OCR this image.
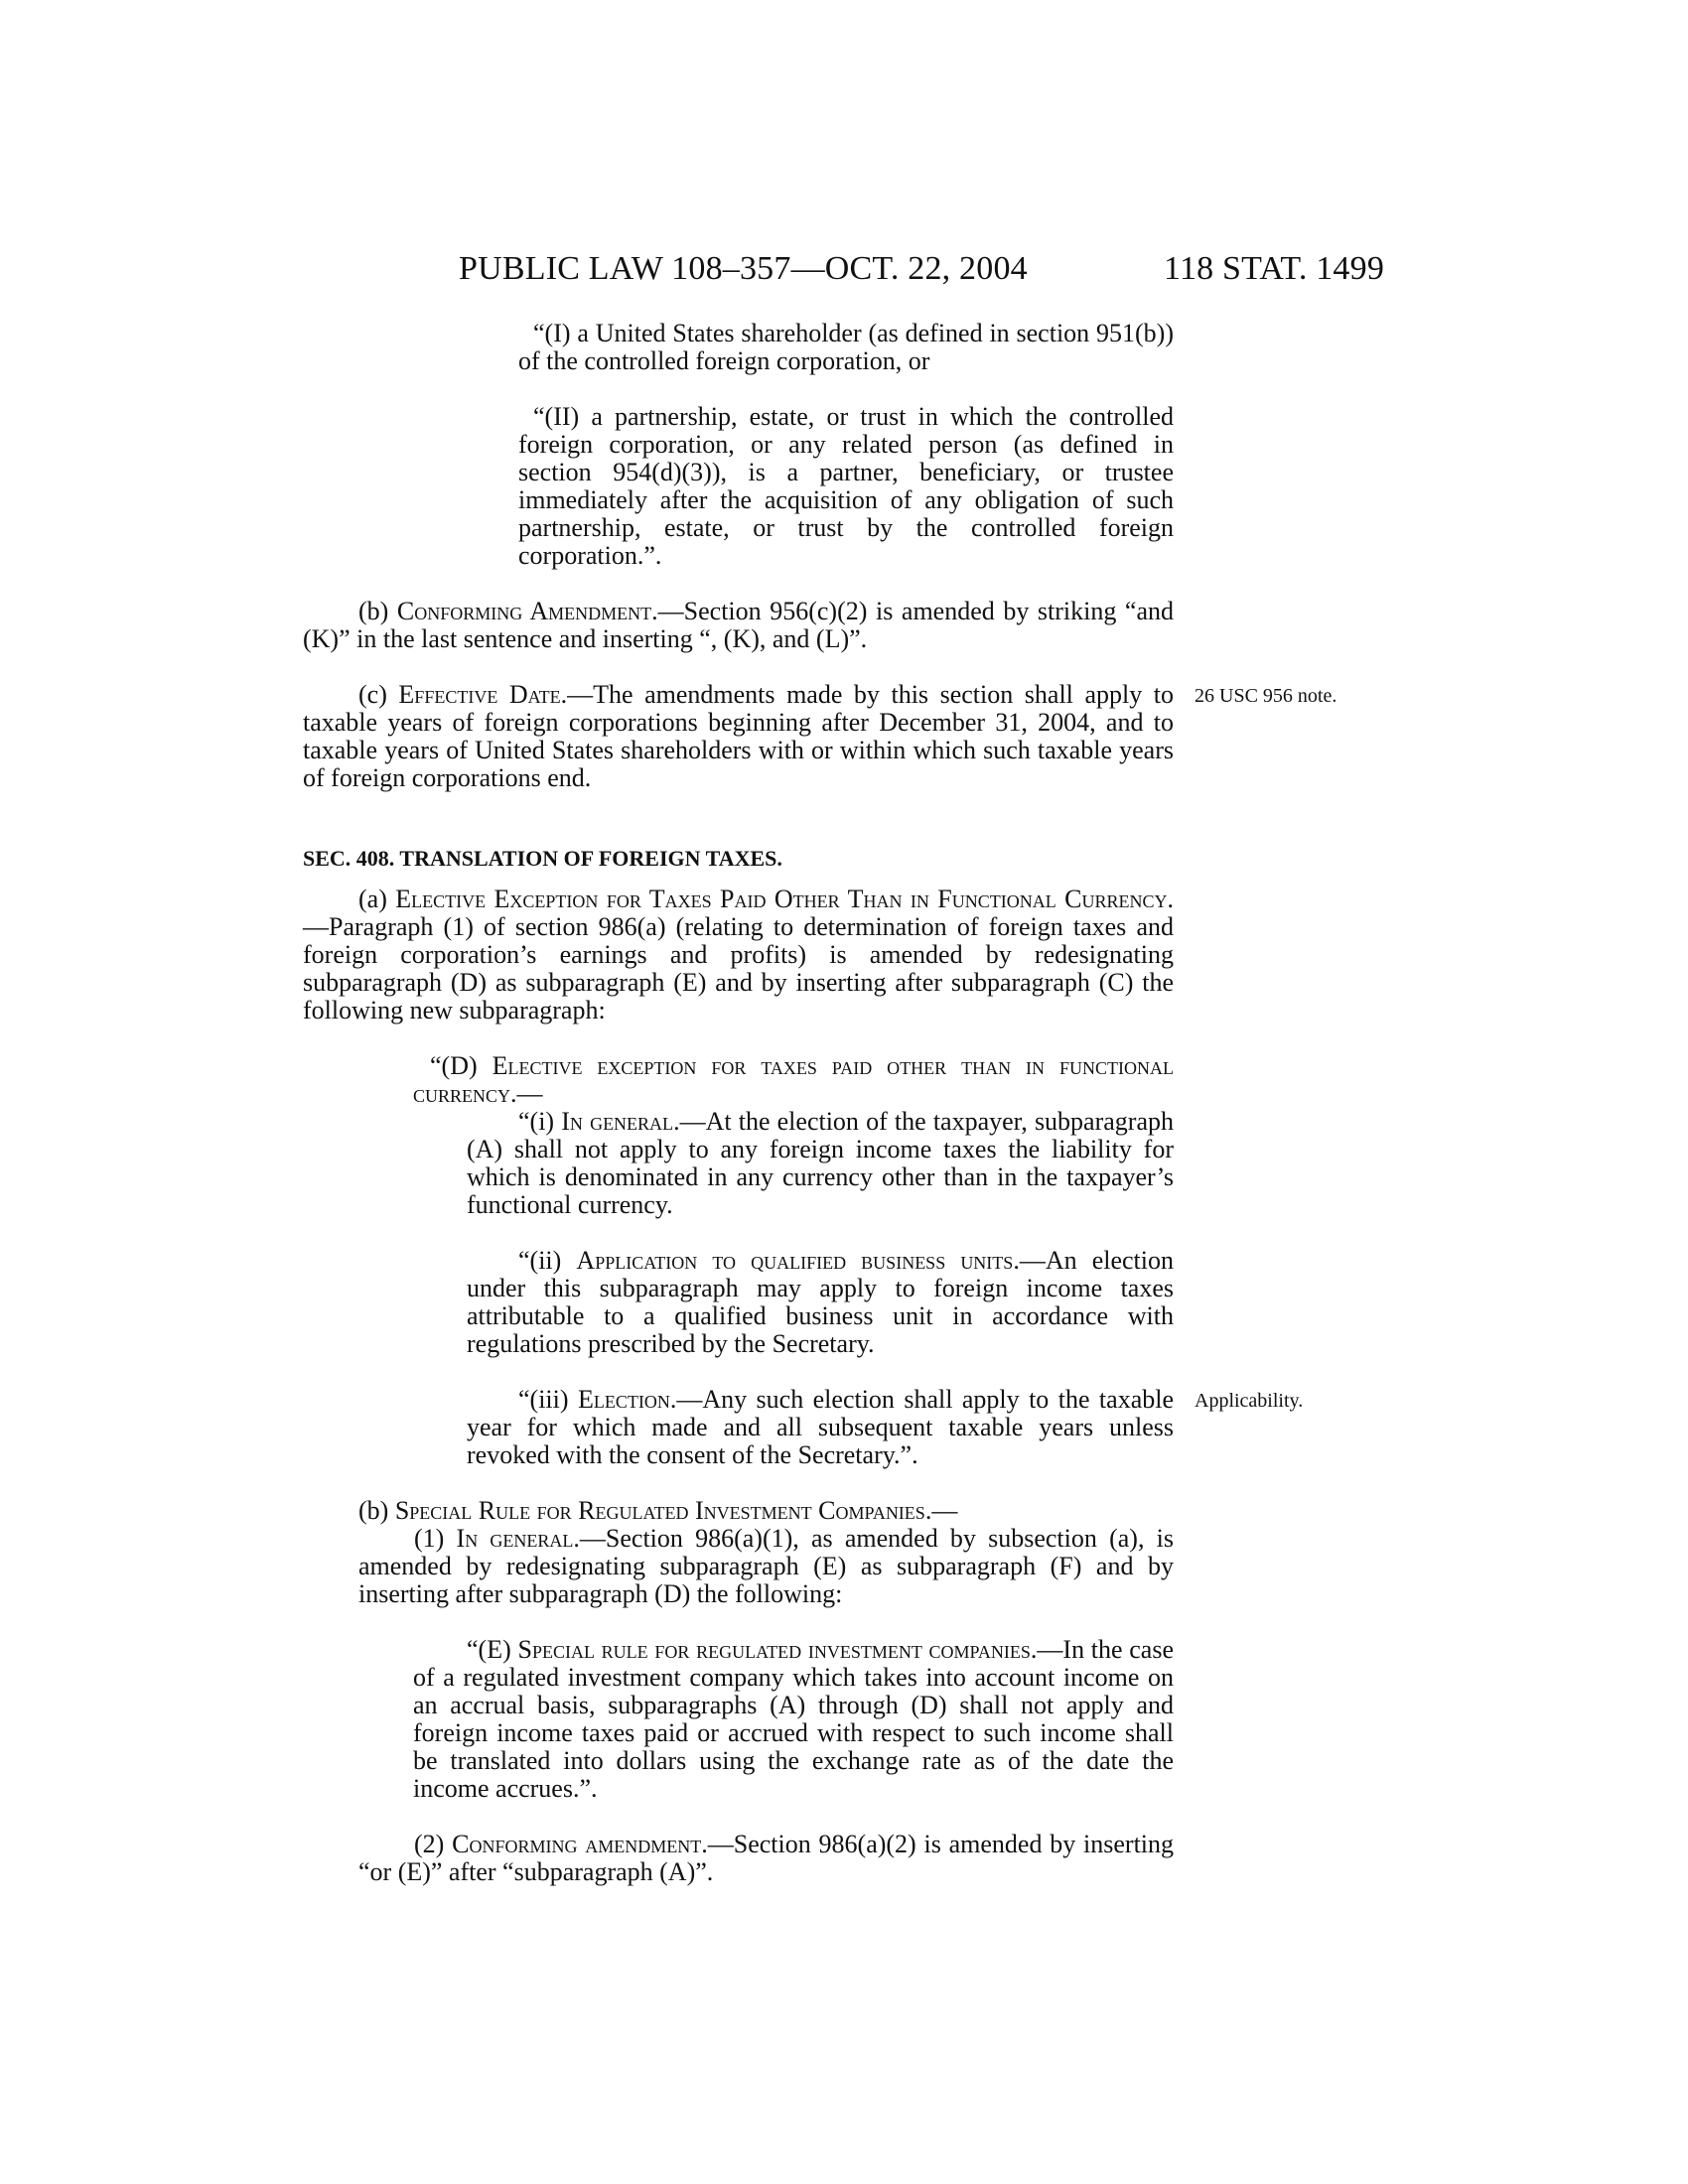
PUBLIC LAW 108–357—OCT. 22, 2004	118 STAT. 1499

“(I) a United States shareholder (as defined in section 951(b)) of the controlled foreign corporation, or

“(II) a partnership, estate, or trust in which the controlled foreign corporation, or any related person (as defined in section 954(d)(3)), is a partner, beneficiary, or trustee immediately after the acquisition of any obligation of such partnership, estate, or trust by the controlled foreign corporation.”.

(b) Conforming Amendment.—Section 956(c)(2) is amended by striking “and (K)” in the last sentence and inserting “, (K), and (L)”.

(c) Effective Date.—The amendments made by this section shall apply to taxable years of foreign corporations beginning after December 31, 2004, and to taxable years of United States shareholders with or within which such taxable years of foreign corporations end.

26 USC 956 note.
SEC. 408. TRANSLATION OF FOREIGN TAXES.

(a) Elective Exception for Taxes Paid Other Than in Functional Currency.—Paragraph (1) of section 986(a) (relating to determination of foreign taxes and foreign corporation’s earnings and profits) is amended by redesignating subparagraph (D) as subparagraph (E) and by inserting after subparagraph (C) the following new subparagraph:

“(D) Elective exception for taxes paid other than in functional currency.—

“(i) In general.—At the election of the taxpayer, subparagraph (A) shall not apply to any foreign income taxes the liability for which is denominated in any currency other than in the taxpayer’s functional currency.

“(ii) Application to qualified business units.—An election under this subparagraph may apply to foreign income taxes attributable to a qualified business unit in accordance with regulations prescribed by the Secretary.

“(iii) Election.—Any such election shall apply to the taxable year for which made and all subsequent taxable years unless revoked with the consent of the Secretary.”.

Applicability.

(b) Special Rule for Regulated Investment Companies.—

(1) In general.—Section 986(a)(1), as amended by subsection (a), is amended by redesignating subparagraph (E) as subparagraph (F) and by inserting after subparagraph (D) the following:

“(E) Special rule for regulated investment companies.—In the case of a regulated investment company which takes into account income on an accrual basis, subparagraphs (A) through (D) shall not apply and foreign income taxes paid or accrued with respect to such income shall be translated into dollars using the exchange rate as of the date the income accrues.”.

(2) Conforming amendment.—Section 986(a)(2) is amended by inserting “or (E)” after “subparagraph (A)”.
